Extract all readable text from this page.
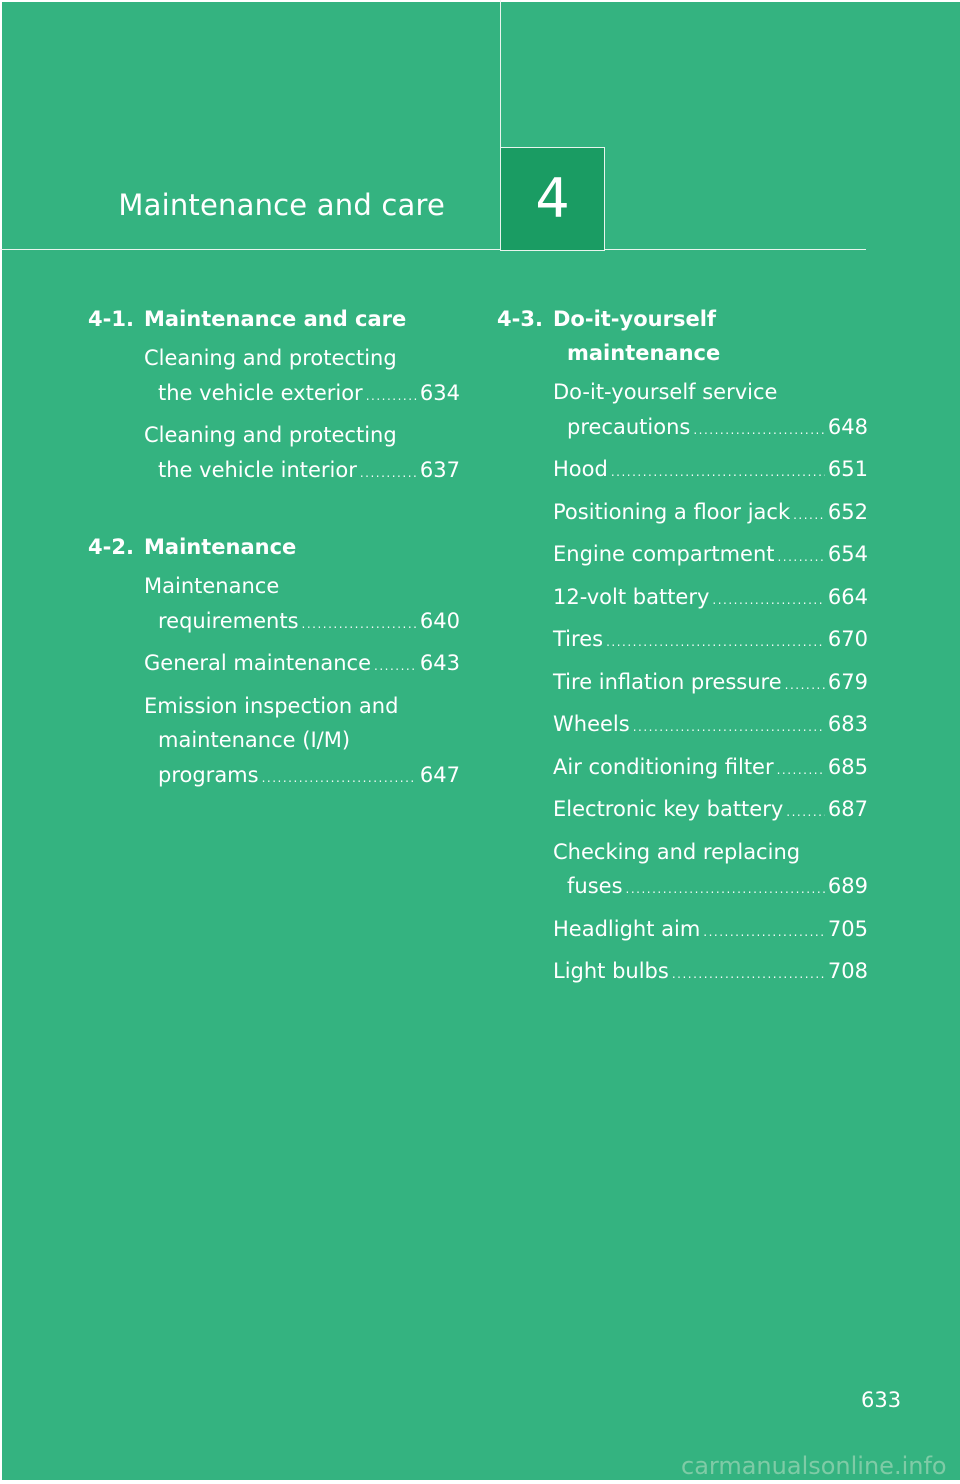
Maintenance and care 4
4-1. Maintenance and care
Cleaning and protecting
the vehicle exterior .....	634
Cleaning and protecting
the vehicle interior .....	637
4-2. Maintenance
Maintenance
requirements .....	640
General maintenance ..... 643
Emission inspection and
maintenance (I/M)
programs .....	647
4-3. Do-it-yourself
maintenance
Do-it-yourself service
precautions .....	648
Hood .....	651
Positioning a floor jack ..... 652
Engine compartment .....	654
12-volt battery .....	664
Tires .....	670
Tire inflation pressure ..... 679
Wheels .....	683
Air conditioning filter .....	685
Electronic key battery ..... 687
Checking and replacing
fuses .....	689
Headlight aim .....	705
Light bulbs .....	708
633
carmanualsonline.info
